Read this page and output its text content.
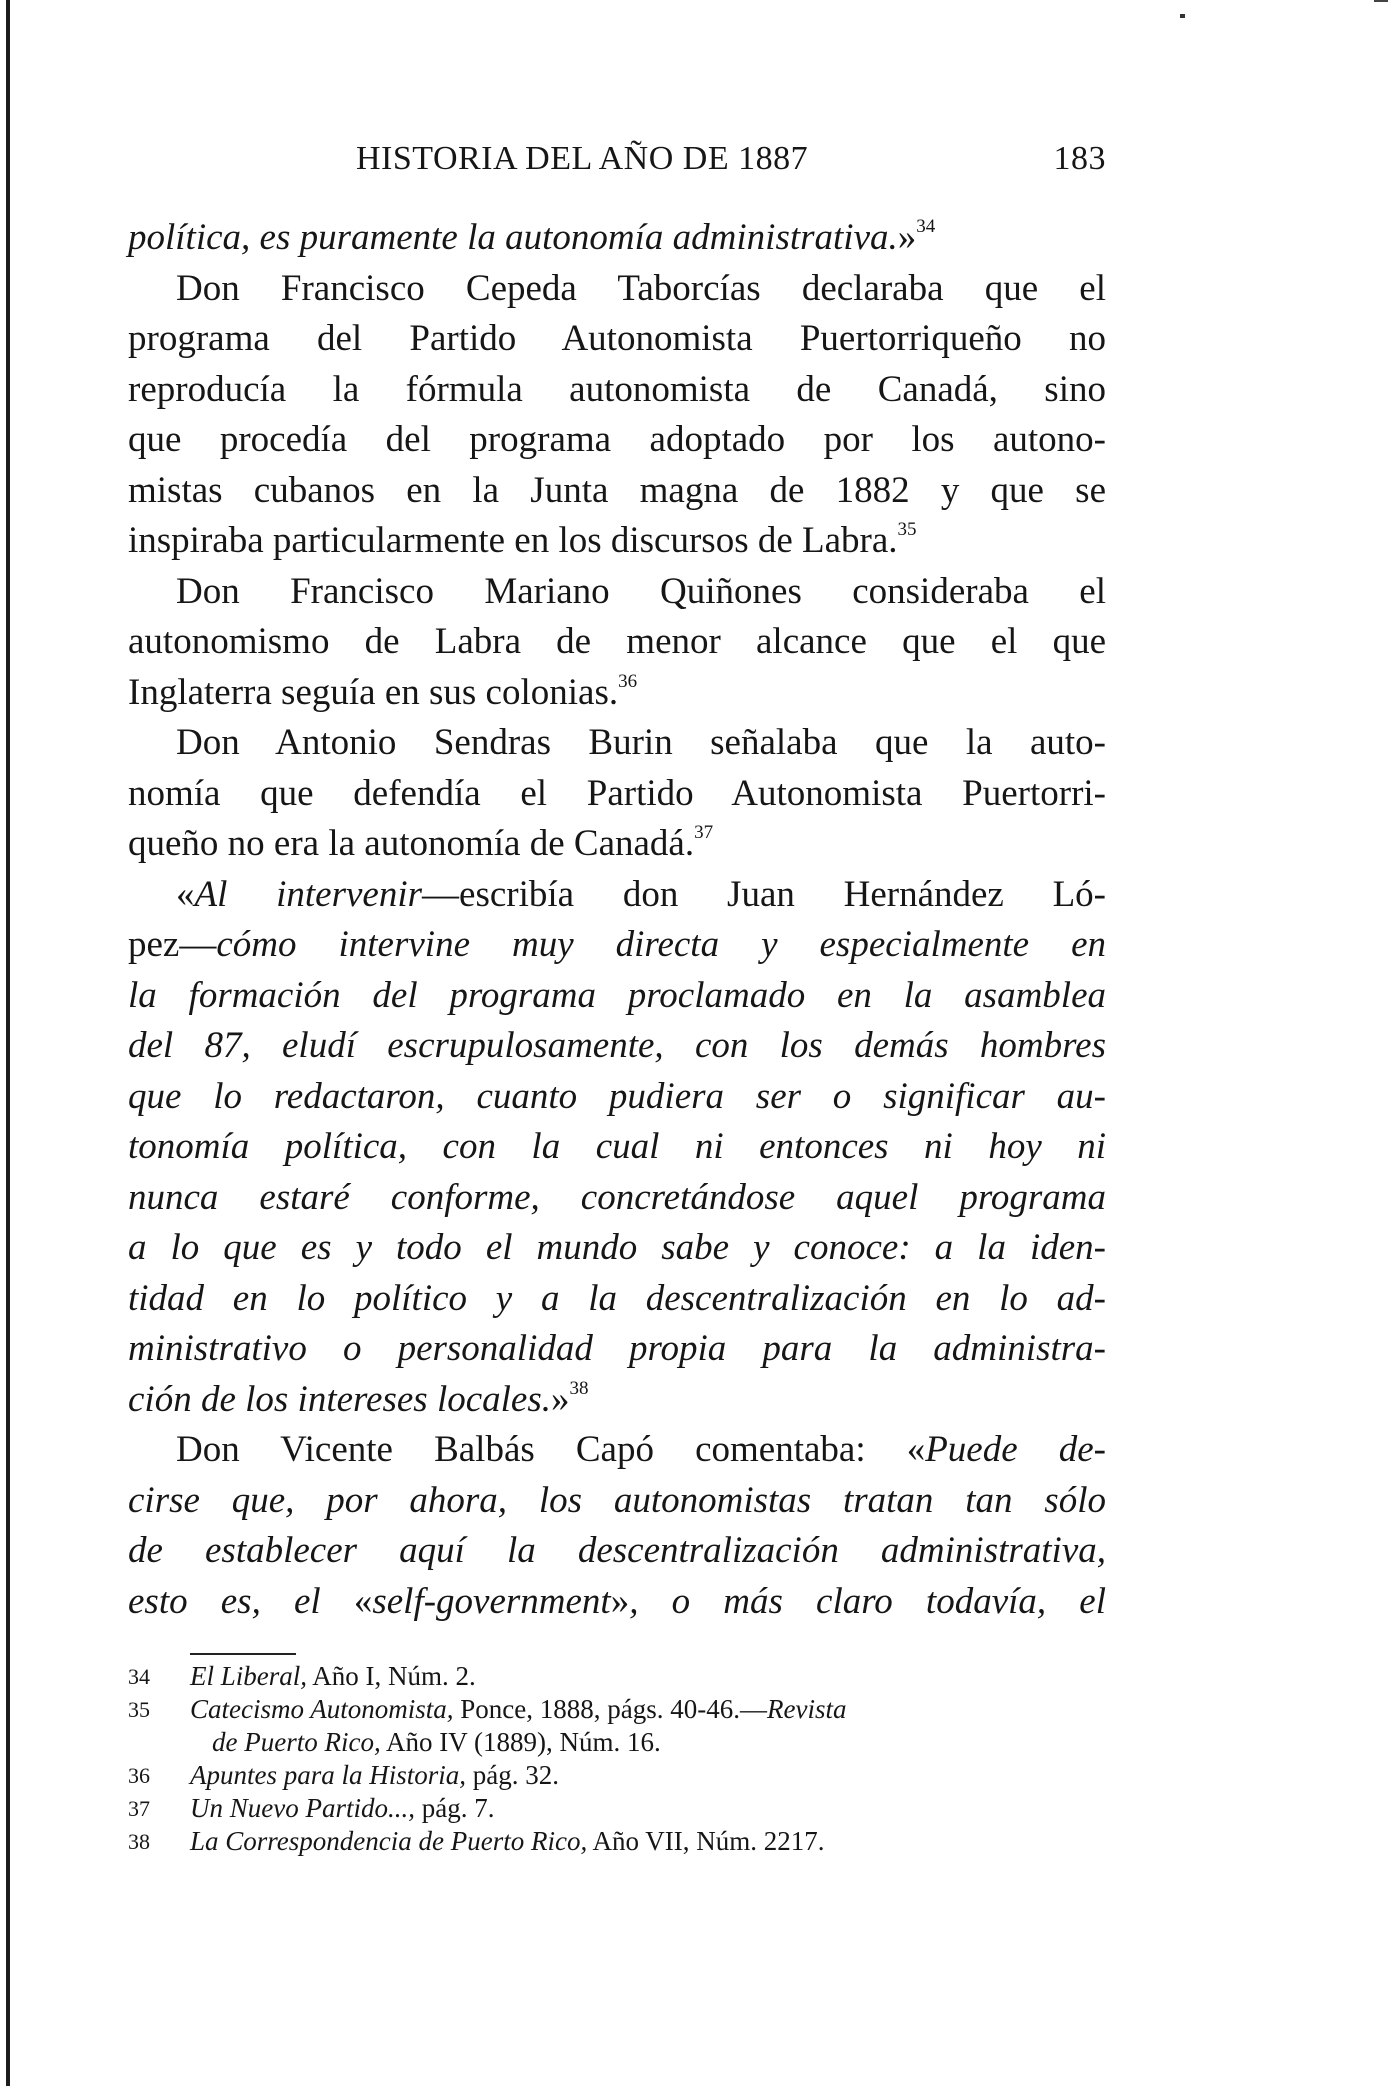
HISTORIA DEL AÑO DE 1887	183
política, es puramente la autonomía administrativa.»$^{34}$
Don Francisco Cepeda Taborcías declaraba que el
programa del Partido Autonomista Puertorriqueño no
reproducía la fórmula autonomista de Canadá, sino
que procedía del programa adoptado por los autono-
mistas cubanos en la Junta magna de 1882 y que se
inspiraba particularmente en los discursos de Labra.$^{35}$
Don Francisco Mariano Quiñones consideraba el
autonomismo de Labra de menor alcance que el que
Inglaterra seguía en sus colonias.$^{36}$
Don Antonio Sendras Burin señalaba que la auto-
nomía que defendía el Partido Autonomista Puertorri-
queño no era la autonomía de Canadá.$^{37}$
«Al intervenir—escribía don Juan Hernández Ló-
pez—cómo intervine muy directa y especialmente en
la formación del programa proclamado en la asamblea
del 87, eludí escrupulosamente, con los demás hombres
que lo redactaron, cuanto pudiera ser o significar au-
tonomía política, con la cual ni entonces ni hoy ni
nunca estaré conforme, concretándose aquel programa
a lo que es y todo el mundo sabe y conoce: a la iden-
tidad en lo político y a la descentralización en lo ad-
ministrativo o personalidad propia para la administra-
ción de los intereses locales.»$^{38}$
Don Vicente Balbás Capó comentaba: «Puede de-
cirse que, por ahora, los autonomistas tratan tan sólo
de establecer aquí la descentralización administrativa,
esto es, el «self-government», o más claro todavía, el
34 El Liberal, Año I, Núm. 2.
35 Catecismo Autonomista, Ponce, 1888, págs. 40-46.—Revista
de Puerto Rico, Año IV (1889), Núm. 16.
36 Apuntes para la Historia, pág. 32.
37 Un Nuevo Partido..., pág. 7.
38 La Correspondencia de Puerto Rico, Año VII, Núm. 2217.
